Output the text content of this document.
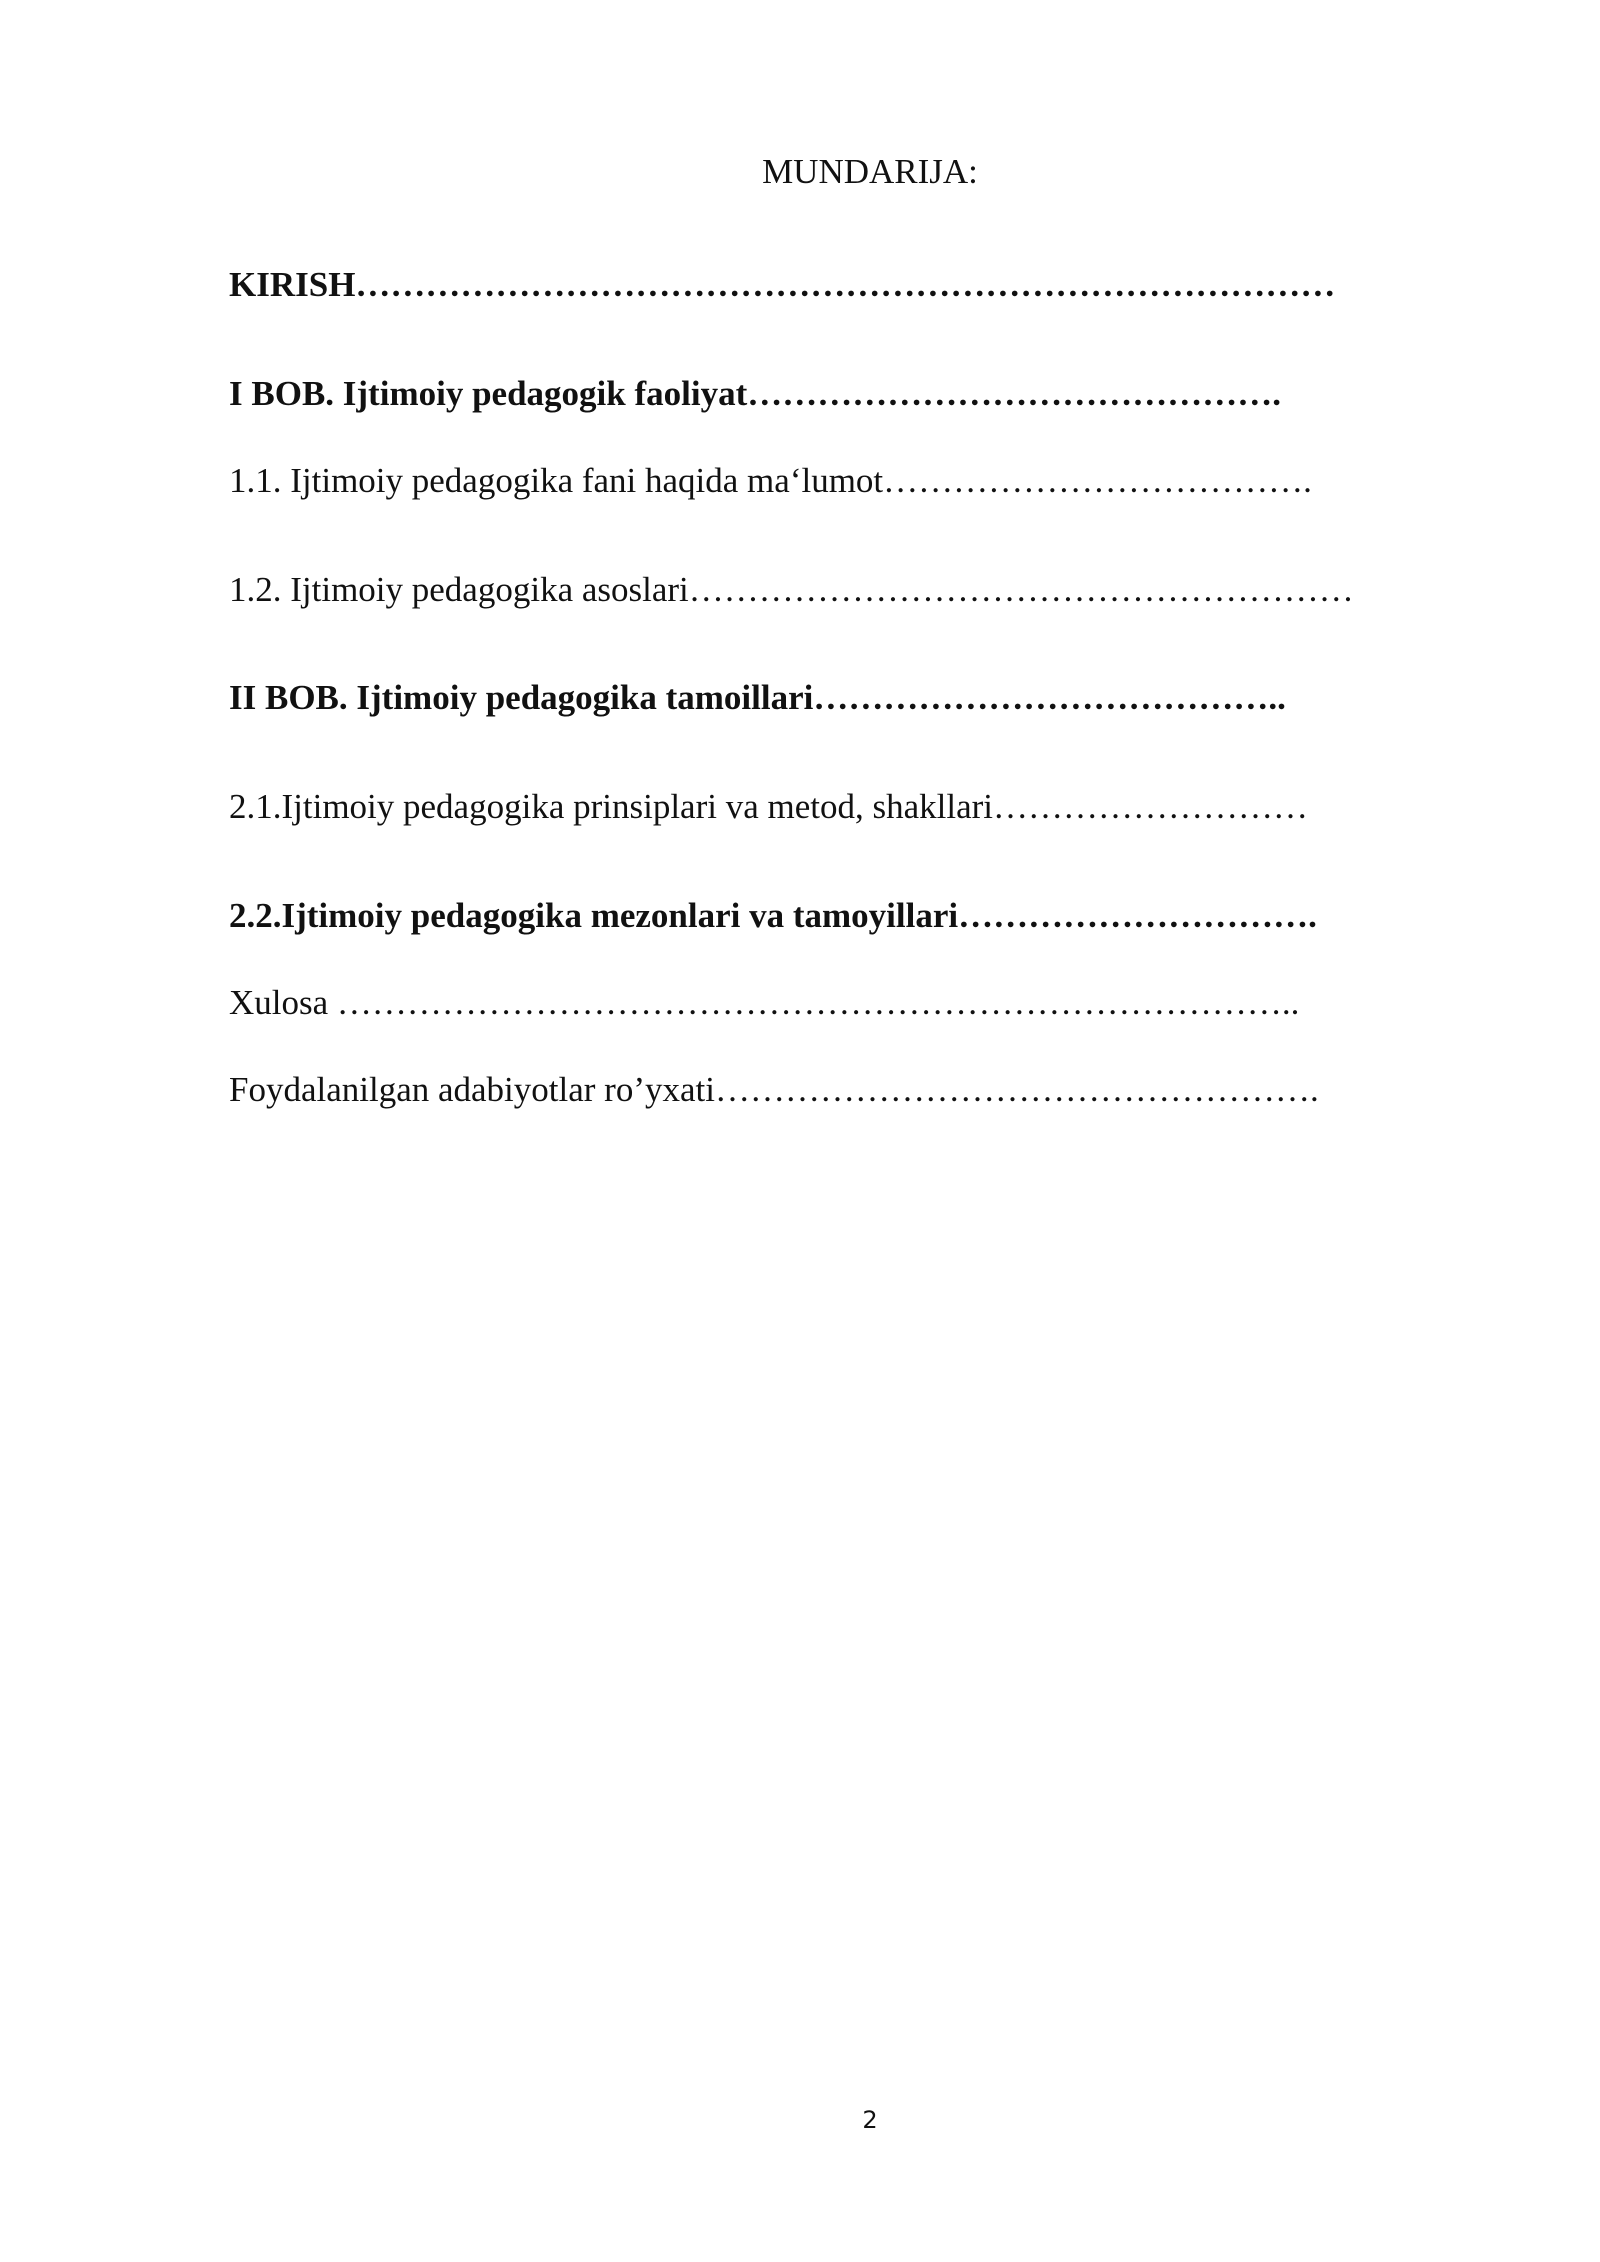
MUNDARIJA:
KIRISH…………………………………………………………………………
I BOB. Ijtimoiy pedagogik faoliyat……………………………………….
1.1. Ijtimoiy pedagogika fani haqida ma‘lumot……………………………….
1.2. Ijtimoiy pedagogika asoslari…………………………………………………
II BOB. Ijtimoiy pedagogika tamoillari…………………………………..
2.1.Ijtimoiy pedagogika prinsiplari va metod, shakllari………………………
2.2.Ijtimoiy pedagogika mezonlari va tamoyillari………………………….
Xulosa ………………………………………………………………………..
Foydalanilgan adabiyotlar ro’yxati…………………………………………….
2
